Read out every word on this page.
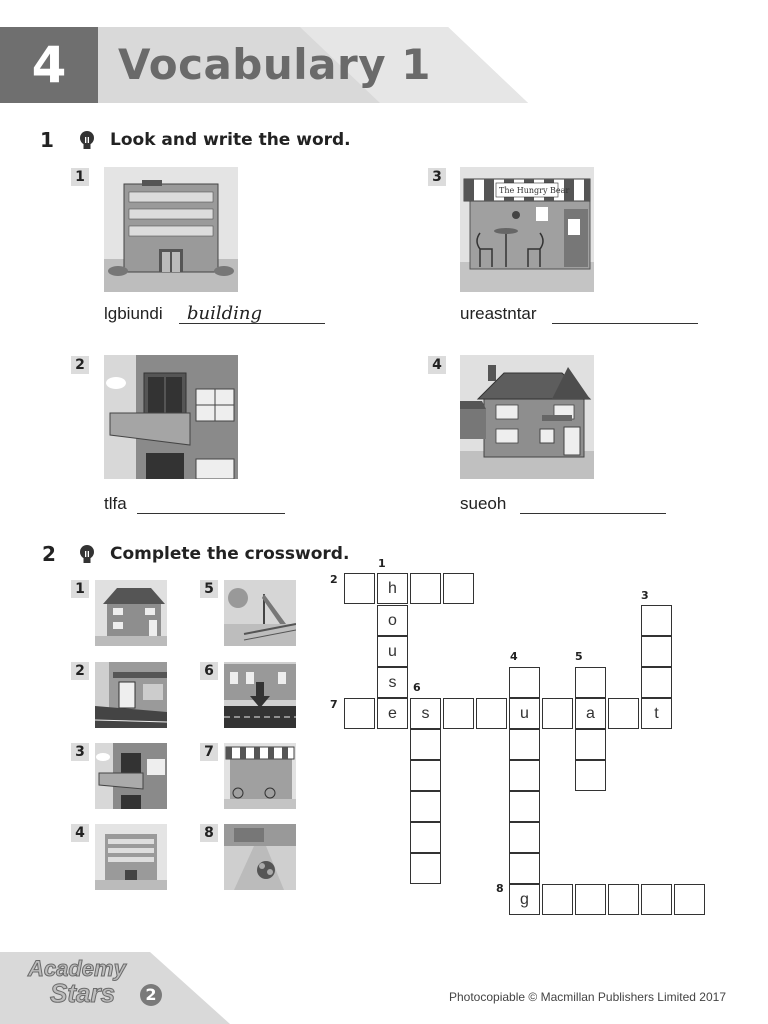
4	Vocabulary 1
1	Look and write the word.
1
lgbiundi building
2
tlfa
3
The Hungry Bear
ureastntar
4
sueoh
2	Complete the crossword.
1
2
3
4
5
6
7
8
1
2
3
4	5
6
7
8
h
o
u
s
e	s	u	a	t
g
Academy
Stars	2	Photocopiable © Macmillan Publishers Limited 2017
